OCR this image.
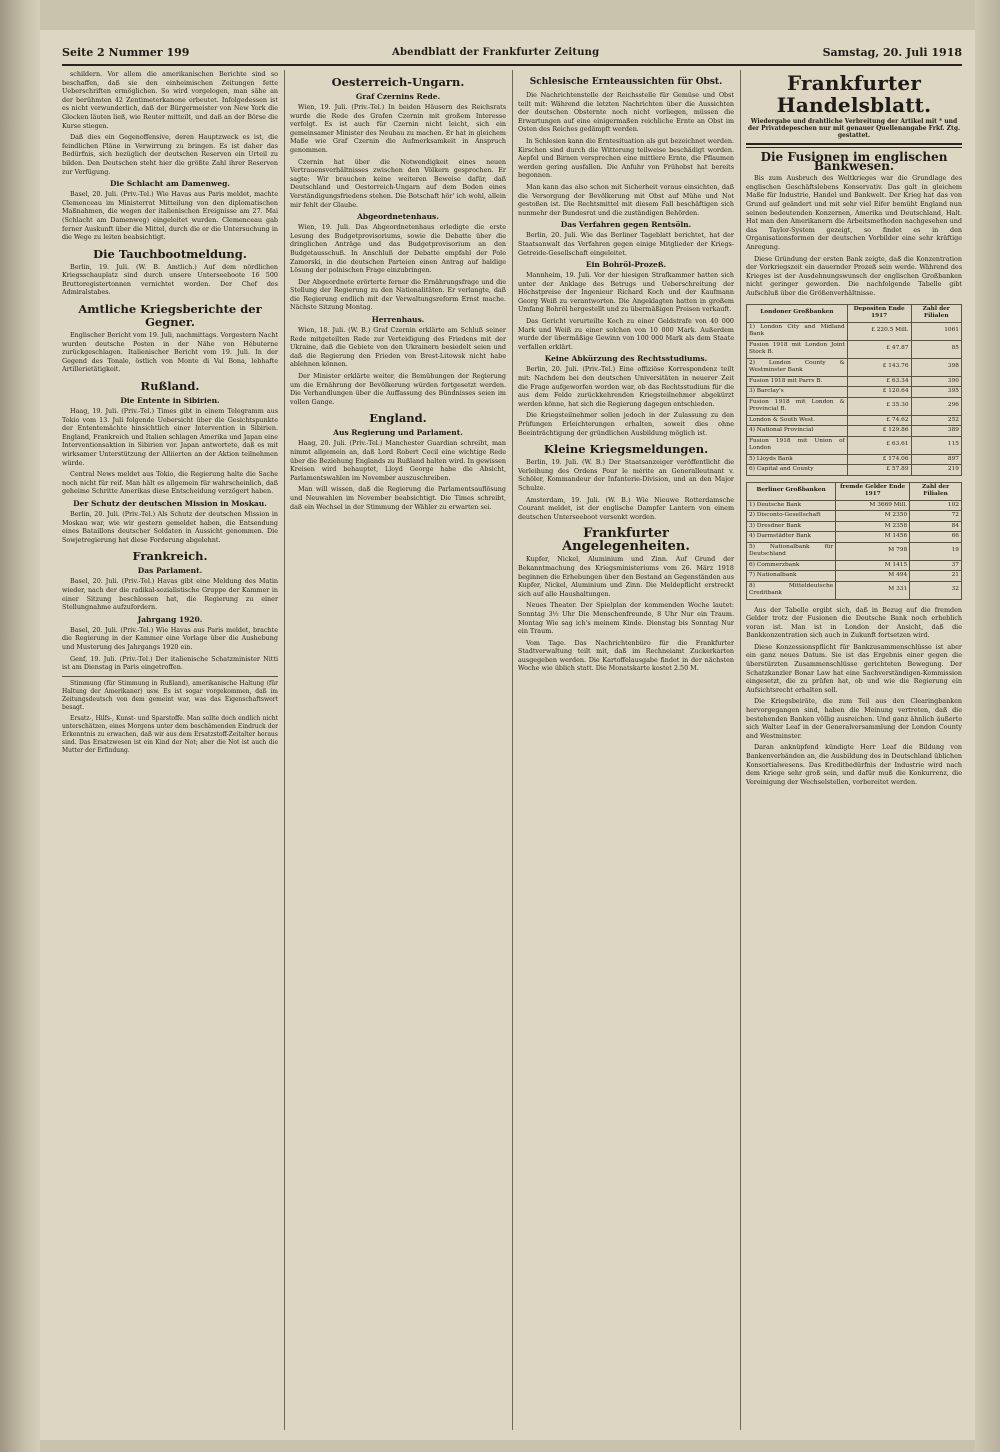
Seite 2 Nummer 199	Abendblatt der Frankfurter Zeitung	Samstag, 20. Juli 1918

schildern. Vor allem die amerikanischen Berichte sind so beschaffen, daß sie den einheimischen Zeitungen fette Ueberschriften ermöglichen. So wird vorgelogen, man sähe an der berühmten 42 Zentimeterkanone erbeutet. Infolgedessen ist es nicht verwunderlich, daß der Bürgermeister von New York die Glocken läuten ließ, wie Reuter mitteilt, und daß an der Börse die Kurse stiegen.

Daß dies ein Gegenoffensive, deren Hauptzweck es ist, die feindlichen Pläne in Verwirrung zu bringen. Es ist daher das Bedürfnis, sich bezüglich der deutschen Reserven ein Urteil zu bilden. Den Deutschen steht hier die größte Zahl ihrer Reserven zur Verfügung.

Die Schlacht am Damenweg.

Basel, 20. Juli. (Priv.-Tel.) Wie Havas aus Paris meldet, machte Clemenceau im Ministerrat Mitteilung von den diplomatischen Maßnahmen, die wegen der italienischen Ereignisse am 27. Mai (Schlacht am Damenweg) eingeleitet wurden. Clemenceau gab ferner Auskunft über die Mittel, durch die er die Untersuchung in die Wege zu leiten beabsichtigt.

Die Tauchbootmeldung.

Berlin, 19. Juli. (W. B. Amtlich.) Auf dem nördlichen Kriegsschauplatz sind durch unsere Unterseeboote 16 500 Bruttoregistertonnen vernichtet worden. Der Chef des Admiralstabes.

Amtliche Kriegsberichte der Gegner.

Englischer Bericht vom 19. Juli, nachmittags. Vorgestern Nacht wurden deutsche Posten in der Nähe von Hébuterne zurückgeschlagen. Italienischer Bericht vom 19. Juli. In der Gegend des Tonale, östlich von Monte di Val Bona, lebhafte Artillerietätigkeit.

Rußland.
Die Entente in Sibirien.

Haag, 19. Juli. (Priv.-Tel.) Times gibt in einem Telegramm aus Tokio vom 13. Juli folgende Uebersicht über die Gesichtspunkte der Ententemächte hinsichtlich einer Intervention in Sibirien. England, Frankreich und Italien schlagen Amerika und Japan eine Interventionsaktion in Sibirien vor. Japan antwortete, daß es mit wirksamer Unterstützung der Alliierten an der Aktion teilnehmen würde.

Central News meldet aus Tokio, die Regierung halte die Sache noch nicht für reif. Man hält es allgemein für wahrscheinlich, daß geheime Schritte Amerikas diese Entscheidung verzögert haben.

Der Schutz der deutschen Mission in Moskau.

Berlin, 20. Juli. (Priv.-Tel.) Als Schutz der deutschen Mission in Moskau war, wie wir gestern gemeldet haben, die Entsendung eines Bataillons deutscher Soldaten in Aussicht genommen. Die Sowjetregierung hat diese Forderung abgelehnt.

Frankreich.
Das Parlament.

Basel, 20. Juli. (Priv.-Tel.) Havas gibt eine Meldung des Matin wieder, nach der die radikal-sozialistische Gruppe der Kammer in einer Sitzung beschlossen hat, die Regierung zu einer Stellungnahme aufzufordern.

Jahrgang 1920.

Basel, 20. Juli. (Priv.-Tel.) Wie Havas aus Paris meldet, brachte die Regierung in der Kammer eine Vorlage über die Aushebung und Musterung des Jahrgangs 1920 ein.

Genf, 19. Juli. (Priv.-Tel.) Der italienische Schatzminister Nitti ist am Dienstag in Paris eingetroffen.

Stimmung (für Stimmung in Rußland), amerikanische Haltung (für Haltung der Amerikaner) usw. Es ist sogar vorgekommen, daß im Zeitungsdeutsch von dem gemeint war, was das Eigenschaftswort besagt.

Ersatz-, Hilfs-, Kunst- und Sparstoffe. Man sollte doch endlich nicht unterschätzen, eines Morgens unter dem beschämenden Eindruck der Erkenntnis zu erwachen, daß wir aus dem Ersatzstoff-Zeitalter heraus sind. Das Ersatzwesen ist ein Kind der Not; aber die Not ist auch die Mutter der Erfindung.

Oesterreich-Ungarn.
Graf Czernins Rede.

Wien, 19. Juli. (Priv.-Tel.) In beiden Häusern des Reichsrats wurde die Rede des Grafen Czernin mit großem Interesse verfolgt. Es ist auch für Czernin nicht leicht, sich ein gemeinsamer Minister des Neubau zu machen. Er hat in gleichem Maße wie Graf Czernin die Aufmerksamkeit in Anspruch genommen.

Czernin hat über die Notwendigkeit eines neuen Vertrauensverhältnisses zwischen den Völkern gesprochen. Er sagte: Wir brauchen keine weiteren Beweise dafür, daß Deutschland und Oesterreich-Ungarn auf dem Boden eines Verständigungsfriedens stehen. Die Botschaft hör' ich wohl, allein mir fehlt der Glaube.

Abgeordnetenhaus.

Wien, 19. Juli. Das Abgeordnetenhaus erledigte die erste Lesung des Budgetprovisoriums, sowie die Debatte über die dringlichen Anträge und das Budgetprovisorium an den Budgetausschuß. In Anschluß der Debatte empfahl der Pole Zamorski, in die deutschen Parteien einen Antrag auf baldige Lösung der polnischen Frage einzubringen.

Der Abgeordnete erörterte ferner die Ernährungsfrage und die Stellung der Regierung zu den Nationalitäten. Er verlangte, daß die Regierung endlich mit der Verwaltungsreform Ernst mache. Nächste Sitzung Montag.

Herrenhaus.

Wien, 18. Juli. (W. B.) Graf Czernin erklärte am Schluß seiner Rede mitgeteilten Rede zur Verteidigung des Friedens mit der Ukraine, daß die Gebiete von den Ukrainern besiedelt seien und daß die Regierung den Frieden von Brest-Litowsk nicht habe ablehnen können.

Der Minister erklärte weiter, die Bemühungen der Regierung um die Ernährung der Bevölkerung würden fortgesetzt werden. Die Verhandlungen über die Auffassung des Bündnisses seien im vollen Gange.

England.
Aus Regierung und Parlament.

Haag, 20. Juli. (Priv.-Tel.) Manchester Guardian schreibt, man nimmt allgemein an, daß Lord Robert Cecil eine wichtige Rede über die Beziehung Englands zu Rußland halten wird. In gewissen Kreisen wird behauptet, Lloyd George habe die Absicht, Parlamentswahlen im November auszuschreiben.

Man will wissen, daß die Regierung die Parlamentsauflösung und Neuwahlen im November beabsichtigt. Die Times schreibt, daß ein Wechsel in der Stimmung der Wähler zu erwarten sei.

Schlesische Ernteaussichten für Obst.

Die Nachrichtenstelle der Reichsstelle für Gemüse und Obst teilt mit: Während die letzten Nachrichten über die Aussichten der deutschen Obsternte noch nicht vorliegen, müssen die Erwartungen auf eine einigermaßen reichliche Ernte an Obst im Osten des Reiches gedämpft werden.

In Schlesien kann die Erntesituation als gut bezeichnet werden. Kirschen sind durch die Witterung teilweise beschädigt worden. Aepfel und Birnen versprechen eine mittlere Ernte, die Pflaumen werden gering ausfallen. Die Anfuhr von Frühobst hat bereits begonnen.

Man kann das also schon mit Sicherheit voraus einsichten, daß die Versorgung der Bevölkerung mit Obst auf Mühe und Not gestoßen ist. Die Rechtsmittel mit diesem Fall beschäftigen sich nunmehr der Bundesrat und die zuständigen Behörden.

Das Verfahren gegen Rentsöln.

Berlin, 20. Juli. Wie das Berliner Tageblatt berichtet, hat der Staatsanwalt das Verfahren gegen einige Mitglieder der Kriegs-Getreide-Gesellschaft eingeleitet.

Ein Bohröl-Prozeß.

Mannheim, 19. Juli. Vor der hiesigen Strafkammer hatten sich unter der Anklage des Betrugs und Ueberschreitung der Höchstpreise der Ingenieur Richard Koch und der Kaufmann Georg Weiß zu verantworten. Die Angeklagten hatten in großem Umfang Bohröl hergestellt und zu übermäßigen Preisen verkauft.

Das Gericht verurteilte Koch zu einer Geldstrafe von 40 000 Mark und Weiß zu einer solchen von 10 000 Mark. Außerdem wurde der übermäßige Gewinn von 100 000 Mark als dem Staate verfallen erklärt.

Keine Abkürzung des Rechtsstudiums.

Berlin, 20. Juli. (Priv.-Tel.) Eine offiziöse Korrespondenz teilt mit: Nachdem bei den deutschen Universitäten in neuerer Zeit die Frage aufgeworfen worden war, ob das Rechtsstudium für die aus dem Felde zurückkehrenden Kriegsteilnehmer abgekürzt werden könne, hat sich die Regierung dagegen entschieden.

Die Kriegsteilnehmer sollen jedoch in der Zulassung zu den Prüfungen Erleichterungen erhalten, soweit dies ohne Beeinträchtigung der gründlichen Ausbildung möglich ist.

Kleine Kriegsmeldungen.

Berlin, 19. Juli. (W. B.) Der Staatsanzeiger veröffentlicht die Verleihung des Ordens Pour le mérite an Generalleutnant v. Schöler, Kommandeur der Infanterie-Division, und an den Major Schulze.

Amsterdam, 19. Juli. (W. B.) Wie Nieuwe Rotterdamsche Courant meldet, ist der englische Dampfer Lantern von einem deutschen Unterseeboot versenkt worden.

Frankfurter Angelegenheiten.

Kupfer, Nickel, Aluminium und Zinn. Auf Grund der Bekanntmachung des Kriegsministeriums vom 26. März 1918 beginnen die Erhebungen über den Bestand an Gegenständen aus Kupfer, Nickel, Aluminium und Zinn. Die Meldepflicht erstreckt sich auf alle Haushaltungen.

Neues Theater. Der Spielplan der kommenden Woche lautet: Sonntag 3½ Uhr Die Menschenfreunde, 8 Uhr Nur ein Traum. Montag Wie sag ich's meinem Kinde. Dienstag bis Sonntag Nur ein Traum.

Vom Tage. Das Nachrichtenbüro für die Frankfurter Stadtverwaltung teilt mit, daß im Rechneiamt Zuckerkarten ausgegeben werden. Die Kartoffelausgabe findet in der nächsten Woche wie üblich statt. Die Monatskarte kostet 2.50 M.

Frankfurter Handelsblatt.
Wiedergabe und drahtliche Verbreitung der Artikel mit * und der Privatdepeschen nur mit genauer Quellenangabe Frkf. Ztg. gestattet.
Die Fusionen im englischen Bankwesen.

Bis zum Ausbruch des Weltkrieges war die Grundlage des englischen Geschäftslebens Konservativ. Das galt in gleichem Maße für Industrie, Handel und Bankwelt. Der Krieg hat das von Grund auf geändert und mit sehr viel Eifer bemüht England nun seinen bedeutenden Konzernen, Amerika und Deutschland, Halt. Hat man den Amerikanern die Arbeitsmethoden nachgesehen und das Taylor-System gezeigt, so findet es in den Organisationsformen der deutschen Vorbilder eine sehr kräftige Anregung.

Diese Gründung der ersten Bank zeigte, daß die Konzentration der Vorkriegszeit ein dauernder Prozeß sein werde. Während des Krieges ist der Ausdehnungswunsch der englischen Großbanken nicht geringer geworden. Die nachfolgende Tabelle gibt Aufschluß über die Größenverhältnisse.

Londoner Großbanken	Depositen Ende 1917	Zahl der Filialen
1) London City and Midland Bank	£ 220.5 Mill.	1061
Fusion 1918 mit London Joint Stock B.	£ 47.87	85
2) London County & Westminster Bank	£ 143.76	398
Fusion 1918 mit Parrs B.	£ 63.34	390
3) Barclay's	£ 120.64	395
Fusion 1918 mit London & Provincial B.	£ 35.30	296
London & South West.	£ 74.62	252
4) National Provincial	£ 129.86	389
Fusion 1918 mit Union of London	£ 63.61	115
5) Lloyds Bank	£ 174.06	897
6) Capital and County	£ 57.89	219
Berliner Großbanken	fremde Gelder Ende 1917	Zahl der Filialen
1) Deutsche Bank	M 3669 Mill.	102
2) Disconto-Gesellschaft	M 2350	72
3) Dresdner Bank	M 2358	84
4) Darmstädter Bank	M 1456	66
5) Nationalbank für Deutschland	M 798	19
6) Commerzbank	M 1415	37
7) Nationalbank	M 494	21
8) Mitteldeutsche Creditbank	M 331	32

Aus der Tabelle ergibt sich, daß in Bezug auf die fremden Gelder trotz der Fusionen die Deutsche Bank noch erheblich voran ist. Man ist in London der Ansicht, daß die Bankkonzentration sich auch in Zukunft fortsetzen wird.

Diese Konzessionspflicht für Bankzusammenschlüsse ist aber ein ganz neues Datum. Sie ist das Ergebnis einer gegen die überstürzten Zusammenschlüsse gerichteten Bewegung. Der Schatzkanzler Bonar Law hat eine Sachverständigen-Kommission eingesetzt, die zu prüfen hat, ob und wie die Regierung ein Aufsichtsrecht erhalten soll.

Die Kriegsbeiräte, die zum Teil aus den Clearingbanken hervorgegangen sind, haben die Meinung vertreten, daß die bestehenden Banken völlig ausreichen. Und ganz ähnlich äußerte sich Walter Leaf in der Generalversammlung der London County and Westminster.

Daran anknüpfend kündigte Herr Leaf die Bildung von Bankenverbänden an, die Ausbildung des in Deutschland üblichen Konsortialwesens. Das Kreditbedürfnis der Industrie wird nach dem Kriege sehr groß sein, und dafür muß die Konkurrenz, die Vereinigung der Wechselstellen, vorbereitet werden.
